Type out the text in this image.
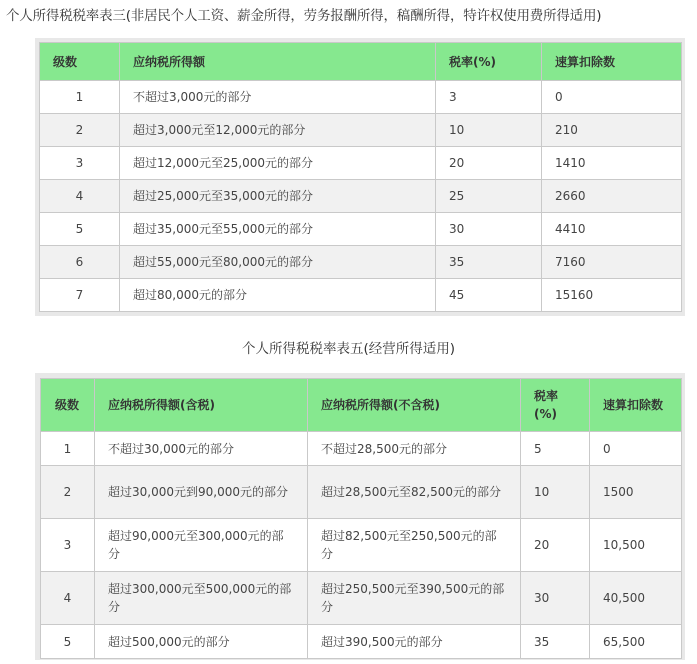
个人所得税税率表三(非居民个人工资、薪金所得，劳务报酬所得，稿酬所得，特许权使用费所得适用)
级数	应纳税所得额	税率(%)	速算扣除数
1	不超过3,000元的部分	3	0
2	超过3,000元至12,000元的部分	10	210
3	超过12,000元至25,000元的部分	20	1410
4	超过25,000元至35,000元的部分	25	2660
5	超过35,000元至55,000元的部分	30	4410
6	超过55,000元至80,000元的部分	35	7160
7	超过80,000元的部分	45	15160
个人所得税税率表五(经营所得适用)
级数	应纳税所得额(含税)	应纳税所得额(不含税)	税率(%)	速算扣除数

1	不超过30,000元的部分	不超过28,500元的部分	5	0
2	超过30,000元到90,000元的部分	超过28,500元至82,500元的部分	10	1500
3	超过90,000元至300,000元的部分	超过82,500元至250,500元的部分	20	10,500
4	超过300,000元至500,000元的部分	超过250,500元至390,500元的部分	30	40,500
5	超过500,000元的部分	超过390,500元的部分	35	65,500
